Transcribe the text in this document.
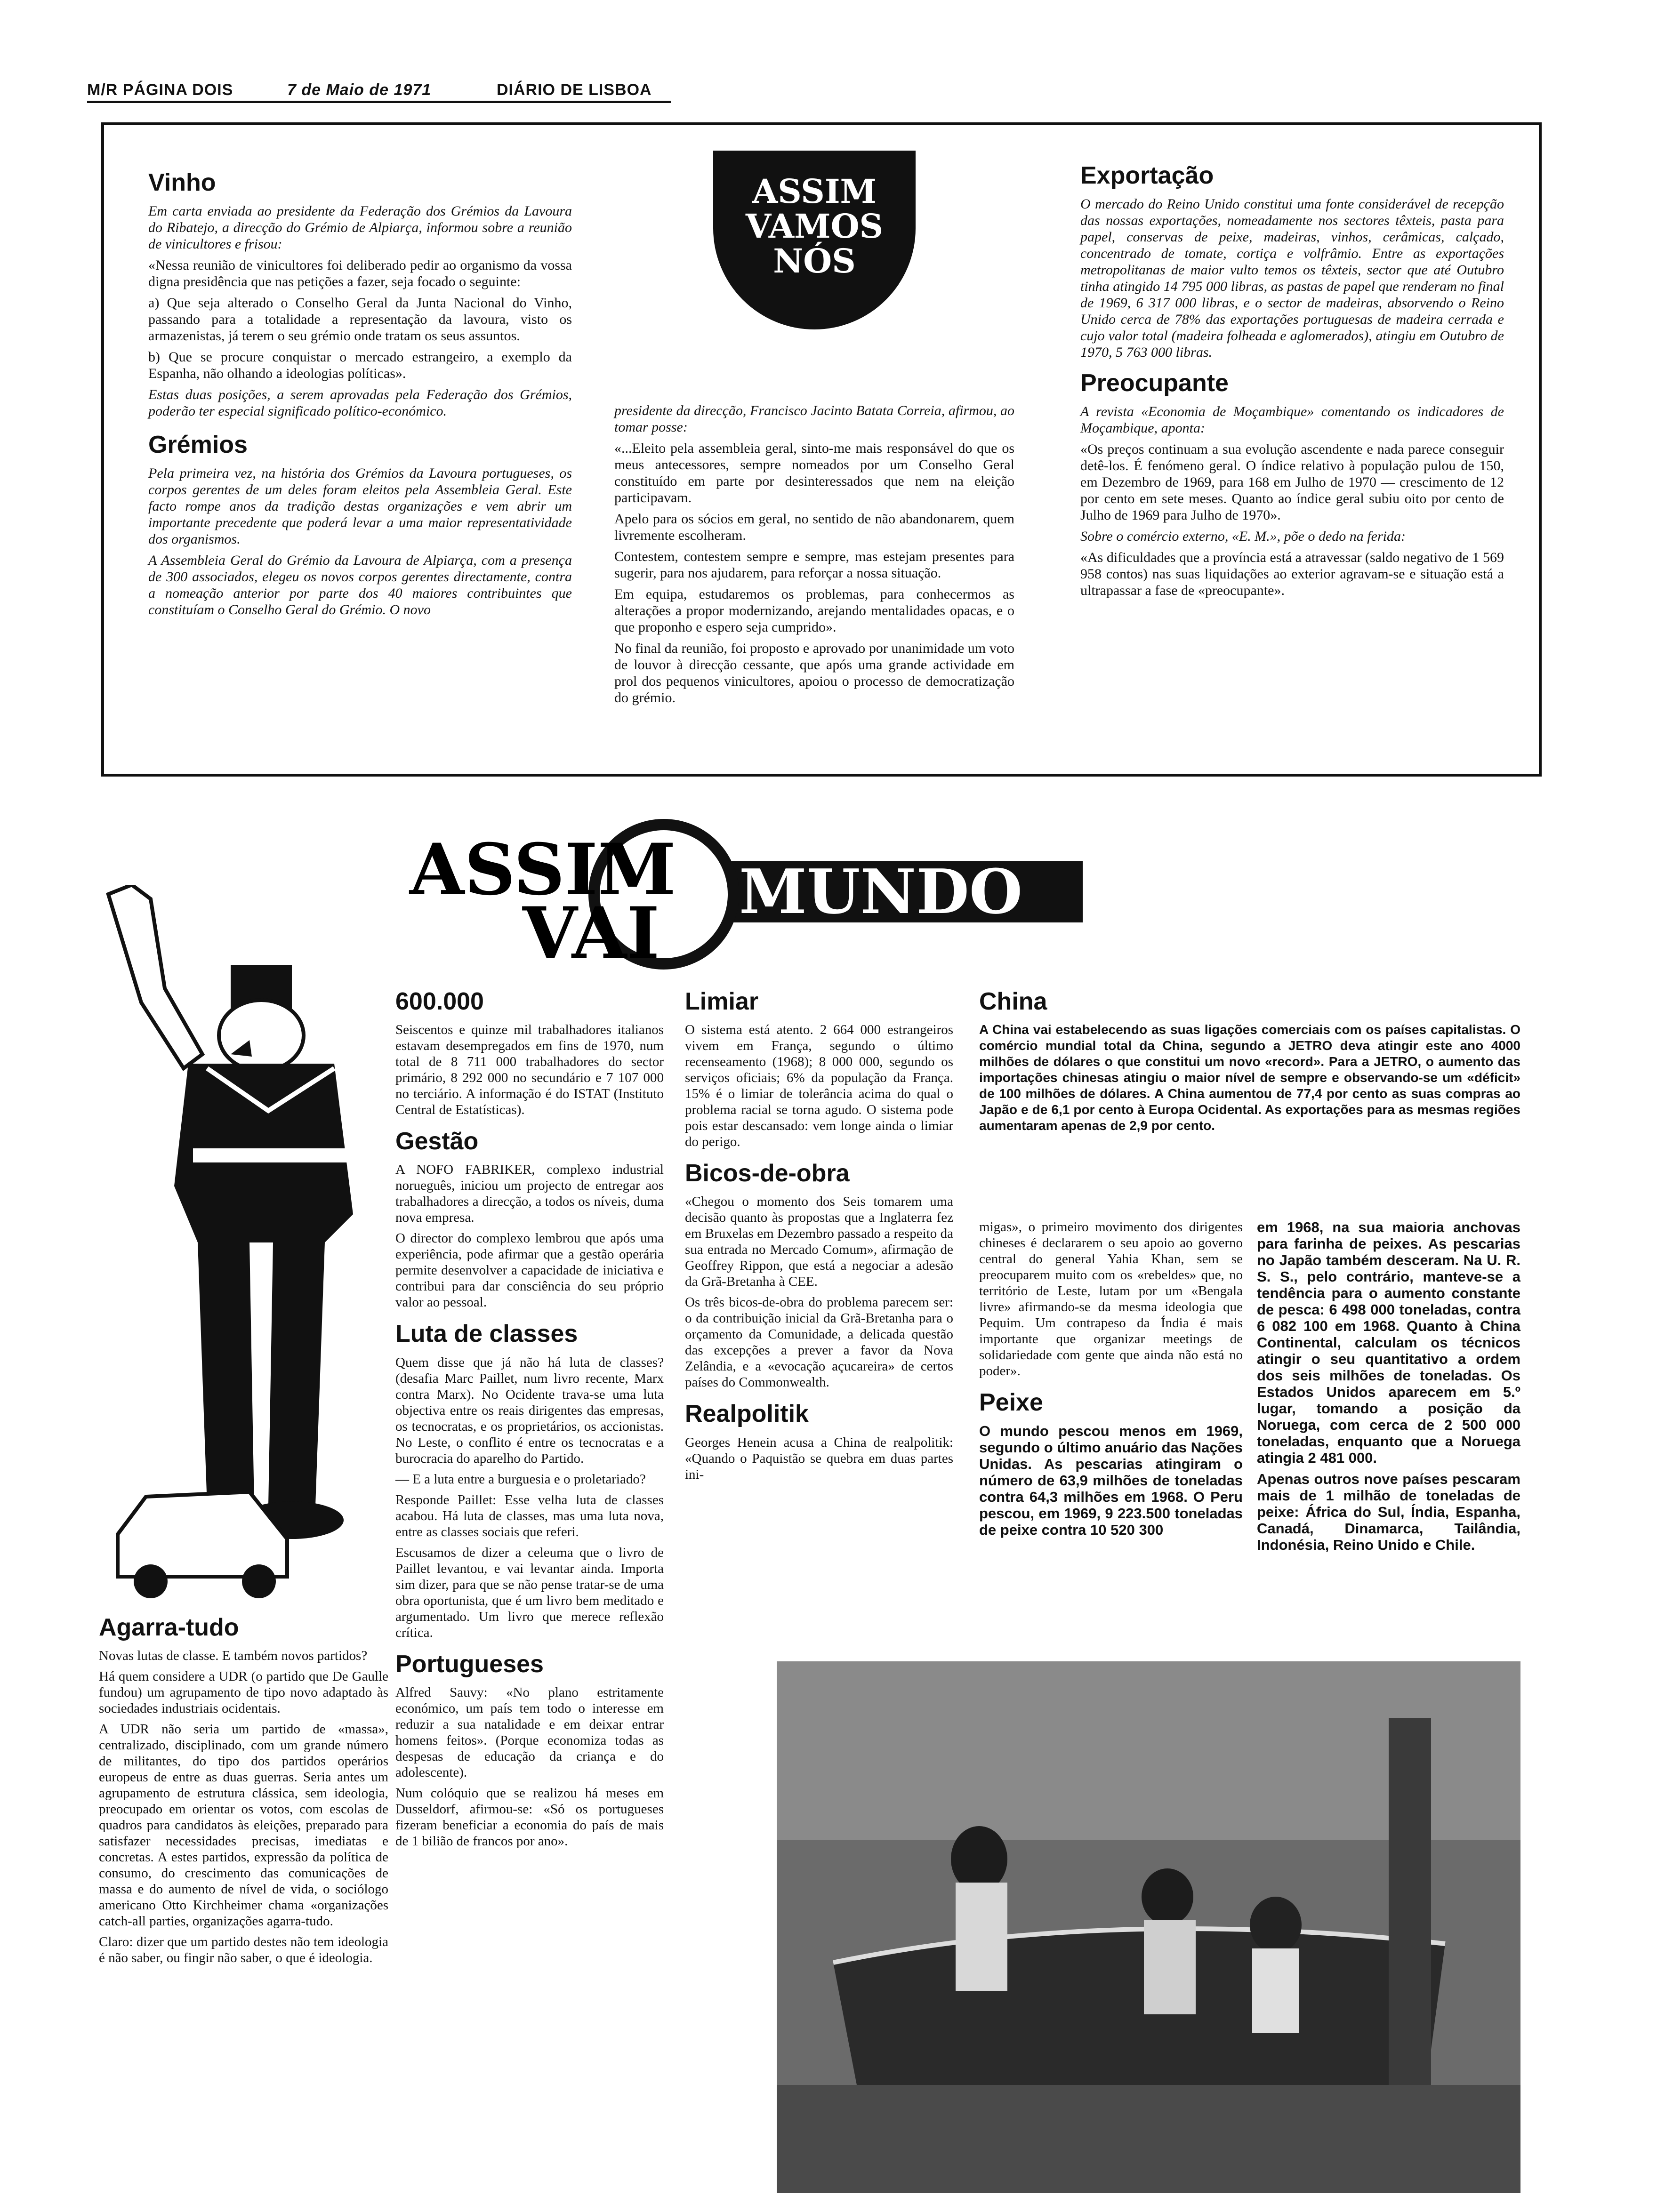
M/R PÁGINA DOIS	7 de Maio de 1971	DIÁRIO DE LISBOA
ASSIM
VAMOS
NÓS
Vinho

Em carta enviada ao presidente da Federação dos Grémios da Lavoura do Ribatejo, a direcção do Grémio de Alpiarça, informou sobre a reunião de vinicultores e frisou:

«Nessa reunião de vinicultores foi deliberado pedir ao organismo da vossa digna presidência que nas petições a fazer, seja focado o seguinte:

a) Que seja alterado o Conselho Geral da Junta Nacional do Vinho, passando para a totalidade a representação da lavoura, visto os armazenistas, já terem o seu grémio onde tratam os seus assuntos.

b) Que se procure conquistar o mercado estrangeiro, a exemplo da Espanha, não olhando a ideologias políticas».

Estas duas posições, a serem aprovadas pela Federação dos Grémios, poderão ter especial significado político-económico.

Grémios

Pela primeira vez, na história dos Grémios da Lavoura portugueses, os corpos gerentes de um deles foram eleitos pela Assembleia Geral. Este facto rompe anos da tradição destas organizações e vem abrir um importante precedente que poderá levar a uma maior representatividade dos organismos.

A Assembleia Geral do Grémio da Lavoura de Alpiarça, com a presença de 300 associados, elegeu os novos corpos gerentes directamente, contra a nomeação anterior por parte dos 40 maiores contribuintes que constituíam o Conselho Geral do Grémio. O novo

presidente da direcção, Francisco Jacinto Batata Correia, afirmou, ao tomar posse:

«...Eleito pela assembleia geral, sinto-me mais responsável do que os meus antecessores, sempre nomeados por um Conselho Geral constituído em parte por desinteressados que nem na eleição participavam.

Apelo para os sócios em geral, no sentido de não abandonarem, quem livremente escolheram.

Contestem, contestem sempre e sempre, mas estejam presentes para sugerir, para nos ajudarem, para reforçar a nossa situação.

Em equipa, estudaremos os problemas, para conhecermos as alterações a propor modernizando, arejando mentalidades opacas, e o que proponho e espero seja cumprido».

No final da reunião, foi proposto e aprovado por unanimidade um voto de louvor à direcção cessante, que após uma grande actividade em prol dos pequenos vinicultores, apoiou o processo de democratização do grémio.

Exportação

O mercado do Reino Unido constitui uma fonte considerável de recepção das nossas exportações, nomeadamente nos sectores têxteis, pasta para papel, conservas de peixe, madeiras, vinhos, cerâmicas, calçado, concentrado de tomate, cortiça e volfrâmio. Entre as exportações metropolitanas de maior vulto temos os têxteis, sector que até Outubro tinha atingido 14 795 000 libras, as pastas de papel que renderam no final de 1969, 6 317 000 libras, e o sector de madeiras, absorvendo o Reino Unido cerca de 78% das exportações portuguesas de madeira cerrada e cujo valor total (madeira folheada e aglomerados), atingiu em Outubro de 1970, 5 763 000 libras.

Preocupante

A revista «Economia de Moçambique» comentando os indicadores de Moçambique, aponta:

«Os preços continuam a sua evolução ascendente e nada parece conseguir detê-los. É fenómeno geral. O índice relativo à população pulou de 150, em Dezembro de 1969, para 168 em Julho de 1970 — crescimento de 12 por cento em sete meses. Quanto ao índice geral subiu oito por cento de Julho de 1969 para Julho de 1970».

Sobre o comércio externo, «E. M.», põe o dedo na ferida:

«As dificuldades que a província está a atravessar (saldo negativo de 1 569 958 contos) nas suas liquidações ao exterior agravam-se e situação está a ultrapassar a fase de «preocupante».

ASSIM
VAI
MUNDO
Agarra-tudo

Novas lutas de classe. E também novos partidos?

Há quem considere a UDR (o partido que De Gaulle fundou) um agrupamento de tipo novo adaptado às sociedades industriais ocidentais.

A UDR não seria um partido de «massa», centralizado, disciplinado, com um grande número de militantes, do tipo dos partidos operários europeus de entre as duas guerras. Seria antes um agrupamento de estrutura clássica, sem ideologia, preocupado em orientar os votos, com escolas de quadros para candidatos às eleições, preparado para satisfazer necessidades precisas, imediatas e concretas. A estes partidos, expressão da política de consumo, do crescimento das comunicações de massa e do aumento de nível de vida, o sociólogo americano Otto Kirchheimer chama «organizações catch-all parties, organizações agarra-tudo.

Claro: dizer que um partido destes não tem ideologia é não saber, ou fingir não saber, o que é ideologia.

600.000

Seiscentos e quinze mil trabalhadores italianos estavam desempregados em fins de 1970, num total de 8 711 000 trabalhadores do sector primário, 8 292 000 no secundário e 7 107 000 no terciário. A informação é do ISTAT (Instituto Central de Estatísticas).

Gestão

A NOFO FABRIKER, complexo industrial norueguês, iniciou um projecto de entregar aos trabalhadores a direcção, a todos os níveis, duma nova empresa.

O director do complexo lembrou que após uma experiência, pode afirmar que a gestão operária permite desenvolver a capacidade de iniciativa e contribui para dar consciência do seu próprio valor ao pessoal.

Luta de classes

Quem disse que já não há luta de classes? (desafia Marc Paillet, num livro recente, Marx contra Marx). No Ocidente trava-se uma luta objectiva entre os reais dirigentes das empresas, os tecnocratas, e os proprietários, os accionistas. No Leste, o conflito é entre os tecnocratas e a burocracia do aparelho do Partido.

— E a luta entre a burguesia e o proletariado?

Responde Paillet: Esse velha luta de classes acabou. Há luta de classes, mas uma luta nova, entre as classes sociais que referi.

Escusamos de dizer a celeuma que o livro de Paillet levantou, e vai levantar ainda. Importa sim dizer, para que se não pense tratar-se de uma obra oportunista, que é um livro bem meditado e argumentado. Um livro que merece reflexão crítica.

Portugueses

Alfred Sauvy: «No plano estritamente económico, um país tem todo o interesse em reduzir a sua natalidade e em deixar entrar homens feitos». (Porque economiza todas as despesas de educação da criança e do adolescente).

Num colóquio que se realizou há meses em Dusseldorf, afirmou-se: «Só os portugueses fizeram beneficiar a economia do país de mais de 1 bilião de francos por ano».

Limiar

O sistema está atento. 2 664 000 estrangeiros vivem em França, segundo o último recenseamento (1968); 8 000 000, segundo os serviços oficiais; 6% da população da França. 15% é o limiar de tolerância acima do qual o problema racial se torna agudo. O sistema pode pois estar descansado: vem longe ainda o limiar do perigo.

Bicos-de-obra

«Chegou o momento dos Seis tomarem uma decisão quanto às propostas que a Inglaterra fez em Bruxelas em Dezembro passado a respeito da sua entrada no Mercado Comum», afirmação de Geoffrey Rippon, que está a negociar a adesão da Grã-Bretanha à CEE.

Os três bicos-de-obra do problema parecem ser: o da contribuição inicial da Grã-Bretanha para o orçamento da Comunidade, a delicada questão das excepções a prever a favor da Nova Zelândia, e a «evocação açucareira» de certos países do Commonwealth.

Realpolitik

Georges Henein acusa a China de realpolitik: «Quando o Paquistão se quebra em duas partes ini-

China

A China vai estabelecendo as suas ligações comerciais com os países capitalistas. O comércio mundial total da China, segundo a JETRO deva atingir este ano 4000 milhões de dólares o que constitui um novo «record». Para a JETRO, o aumento das importações chinesas atingiu o maior nível de sempre e observando-se um «déficit» de 100 milhões de dólares. A China aumentou de 77,4 por cento as suas compras ao Japão e de 6,1 por cento à Europa Ocidental. As exportações para as mesmas regiões aumentaram apenas de 2,9 por cento.

migas», o primeiro movimento dos dirigentes chineses é declararem o seu apoio ao governo central do general Yahia Khan, sem se preocuparem muito com os «rebeldes» que, no território de Leste, lutam por um «Bengala livre» afirmando-se da mesma ideologia que Pequim. Um contrapeso da Índia é mais importante que organizar meetings de solidariedade com gente que ainda não está no poder».

Peixe

O mundo pescou menos em 1969, segundo o último anuário das Nações Unidas. As pescarias atingiram o número de 63,9 milhões de toneladas contra 64,3 milhões em 1968. O Peru pescou, em 1969, 9 223.500 toneladas de peixe contra 10 520 300

em 1968, na sua maioria anchovas para farinha de peixes. As pescarias no Japão também desceram. Na U. R. S. S., pelo contrário, manteve-se a tendência para o aumento constante de pesca: 6 498 000 toneladas, contra 6 082 100 em 1968. Quanto à China Continental, calculam os técnicos atingir o seu quantitativo a ordem dos seis milhões de toneladas. Os Estados Unidos aparecem em 5.º lugar, tomando a posição da Noruega, com cerca de 2 500 000 toneladas, enquanto que a Noruega atingia 2 481 000.

Apenas outros nove países pescaram mais de 1 milhão de toneladas de peixe: África do Sul, Índia, Espanha, Canadá, Dinamarca, Tailândia, Indonésia, Reino Unido e Chile.
